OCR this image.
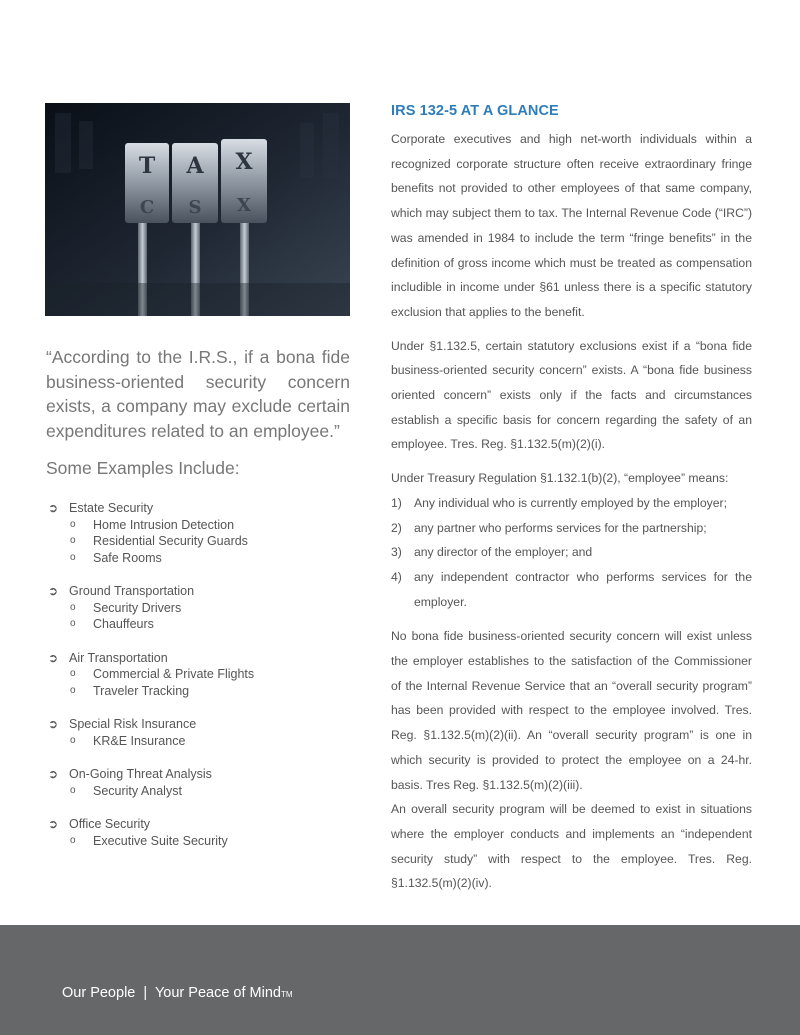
T
C
A
S
X
X
“According to the I.R.S., if a bona fide business-oriented security concern exists, a company may exclude certain expenditures related to an employee.”
Some Examples Include:
➲ Estate Security
o Home Intrusion Detection
o Residential Security Guards
o Safe Rooms
➲ Ground Transportation
o Security Drivers
o Chauffeurs
➲ Air Transportation
o Commercial & Private Flights
o Traveler Tracking
➲ Special Risk Insurance
o KR&E Insurance
➲ On-Going Threat Analysis
o Security Analyst
➲ Office Security
o Executive Suite Security
IRS 132-5 AT A GLANCE

Corporate executives and high net-worth individuals within a recognized corporate structure often receive extraordinary fringe benefits not provided to other employees of that same company, which may subject them to tax. The Internal Revenue Code (“IRC”) was amended in 1984 to include the term “fringe benefits” in the definition of gross income which must be treated as compensation includible in income under §61 unless there is a specific statutory exclusion that applies to the benefit.

Under §1.132.5, certain statutory exclusions exist if a “bona fide business-oriented security concern” exists. A “bona fide business oriented concern” exists only if the facts and circumstances establish a specific basis for concern regarding the safety of an employee. Tres. Reg. §1.132.5(m)(2)(i).

Under Treasury Regulation §1.132.1(b)(2), “employee” means:

1) Any individual who is currently employed by the employer;
2) any partner who performs services for the partnership;
3) any director of the employer; and
4) any independent contractor who performs services for the employer.

No bona fide business-oriented security concern will exist unless the employer establishes to the satisfaction of the Commissioner of the Internal Revenue Service that an “overall security program” has been provided with respect to the employee involved. Tres. Reg. §1.132.5(m)(2)(ii). An “overall security program” is one in which security is provided to protect the employee on a 24-hr. basis. Tres Reg. §1.132.5(m)(2)(iii).

An overall security program will be deemed to exist in situations where the employer conducts and implements an “independent security study” with respect to the employee. Tres. Reg. §1.132.5(m)(2)(iv).

Our People  |  Your Peace of MindTM
